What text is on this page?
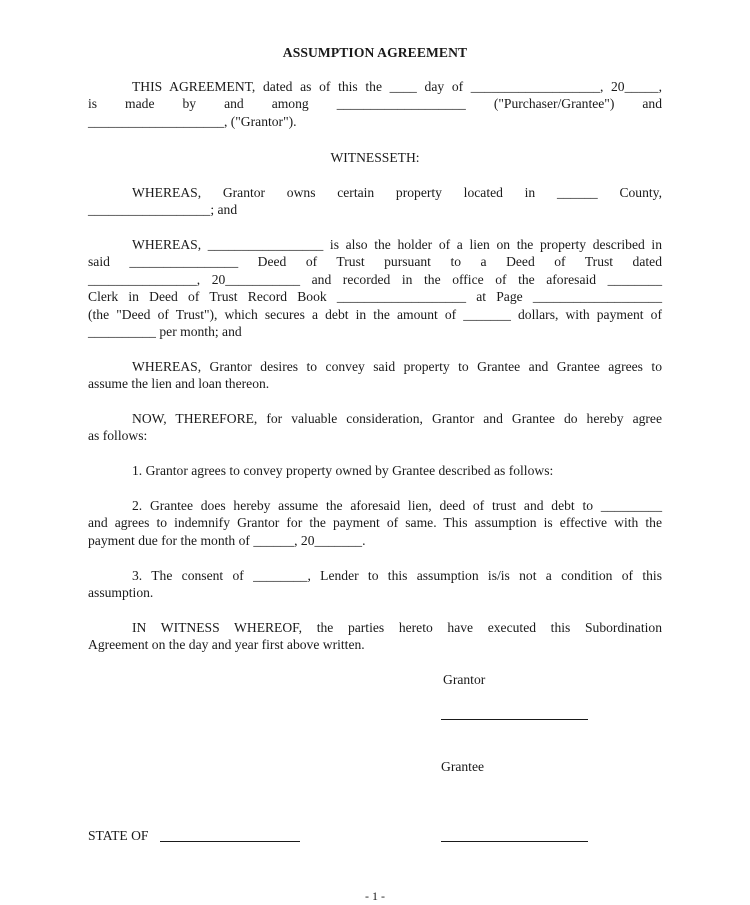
ASSUMPTION AGREEMENT
THIS AGREEMENT, dated as of this the ____ day of ___________________, 20_____,
is made by and among ___________________ ("Purchaser/Grantee") and
____________________, ("Grantor").
WITNESSETH:
WHEREAS, Grantor owns certain property located in ______ County,
__________________; and
WHEREAS, _________________ is also the holder of a lien on the property described in
said ________________ Deed of Trust pursuant to a Deed of Trust dated
________________, 20___________ and recorded in the office of the aforesaid ________
Clerk in Deed of Trust Record Book ___________________ at Page ___________________
(the "Deed of Trust"), which secures a debt in the amount of _______ dollars, with payment of
__________ per month; and
WHEREAS, Grantor desires to convey said property to Grantee and Grantee agrees to
assume the lien and loan thereon.
NOW, THEREFORE, for valuable consideration, Grantor and Grantee do hereby agree
as follows:
1. Grantor agrees to convey property owned by Grantee described as follows:
2. Grantee does hereby assume the aforesaid lien, deed of trust and debt to _________
and agrees to indemnify Grantor for the payment of same. This assumption is effective with the
payment due for the month of ______, 20_______.
3. The consent of ________, Lender to this assumption is/is not a condition of this
assumption.
IN WITNESS WHEREOF, the parties hereto have executed this Subordination
Agreement on the day and year first above written.
Grantor
Grantee
STATE OF
- 1 -
